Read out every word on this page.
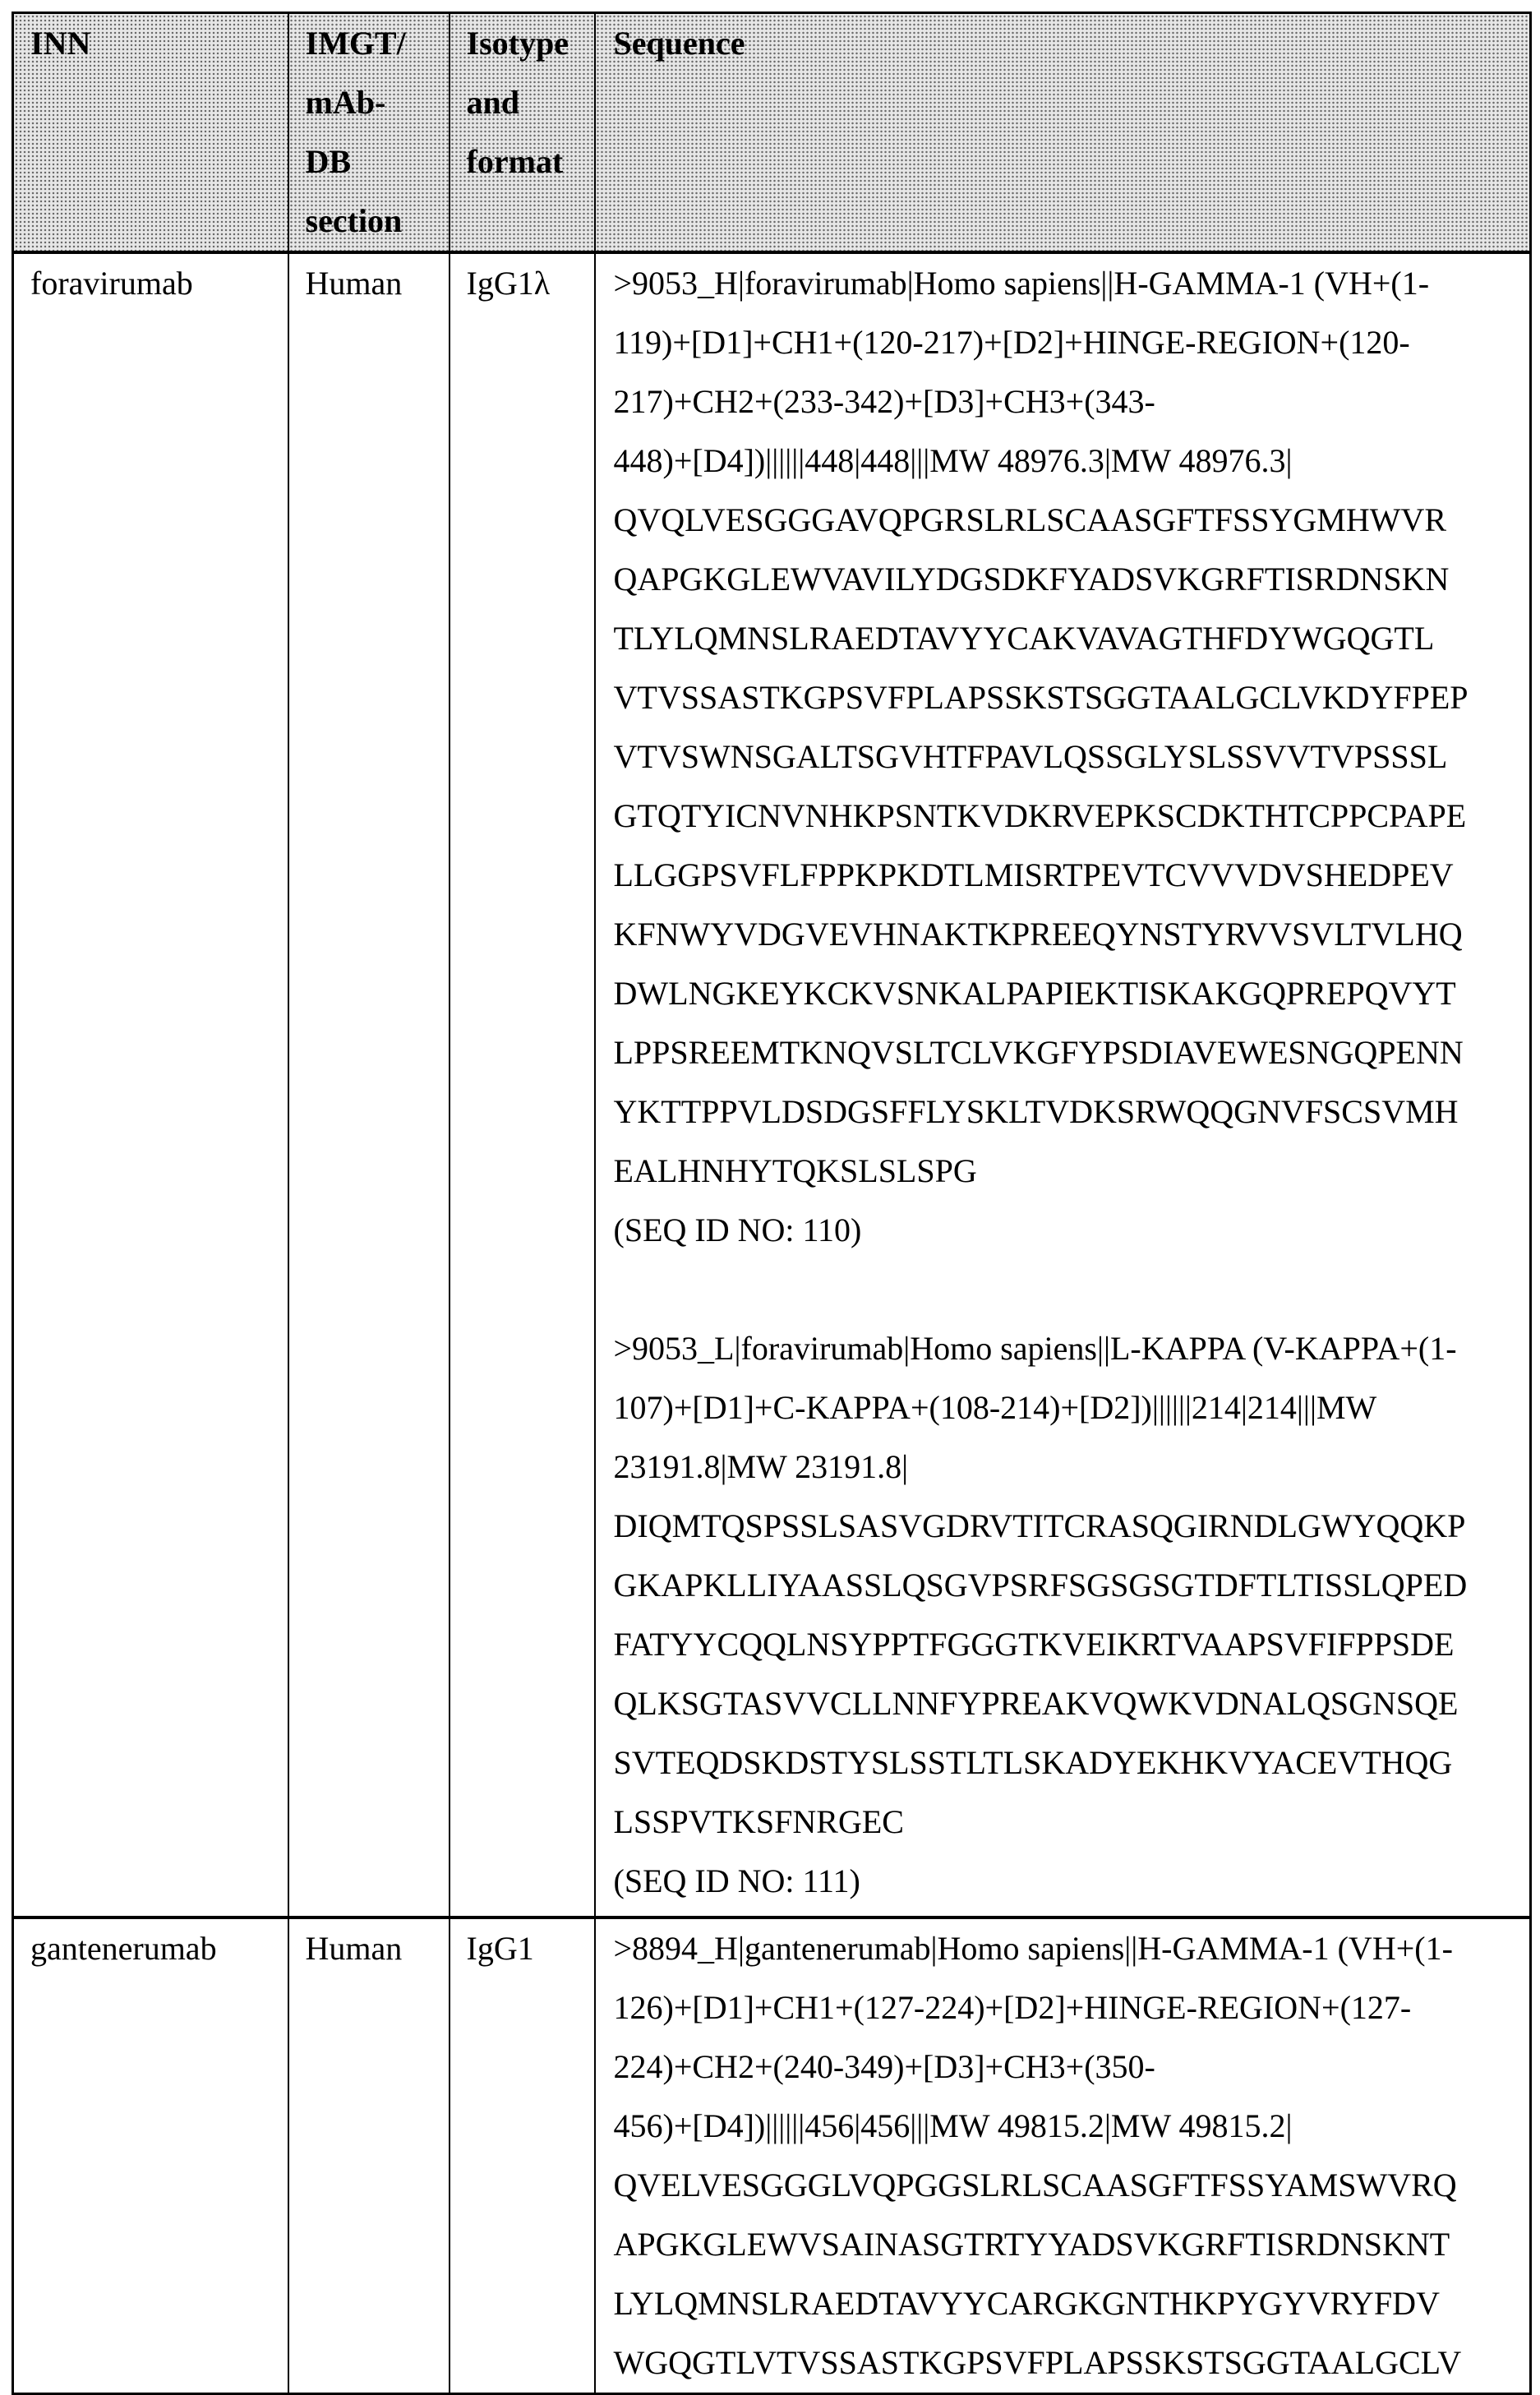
INN	IMGT/
mAb-
DB
section

Isotype
and
format

Sequence

foravirumab	Human	IgG1λ	>9053_H|foravirumab|Homo sapiens||H-GAMMA-1 (VH+(1-
119)+[D1]+CH1+(120-217)+[D2]+HINGE-REGION+(120-
217)+CH2+(233-342)+[D3]+CH3+(343-
448)+[D4])||||||448|448|||MW 48976.3|MW 48976.3|
QVQLVESGGGAVQPGRSLRLSCAASGFTFSSYGMHWVR
QAPGKGLEWVAVILYDGSDKFYADSVKGRFTISRDNSKN
TLYLQMNSLRAEDTAVYYCAKVAVAGTHFDYWGQGTL
VTVSSASTKGPSVFPLAPSSKSTSGGTAALGCLVKDYFPEP
VTVSWNSGALTSGVHTFPAVLQSSGLYSLSSVVTVPSSSL
GTQTYICNVNHKPSNTKVDKRVEPKSCDKTHTCPPCPAPE
LLGGPSVFLFPPKPKDTLMISRTPEVTCVVVDVSHEDPEV
KFNWYVDGVEVHNAKTKPREEQYNSTYRVVSVLTVLHQ
DWLNGKEYKCKVSNKALPAPIEKTISKAKGQPREPQVYT
LPPSREEMTKNQVSLTCLVKGFYPSDIAVEWESNGQPENN
YKTTPPVLDSDGSFFLYSKLTVDKSRWQQGNVFSCSVMH
EALHNHYTQKSLSLSPG
(SEQ ID NO: 110)
>9053_L|foravirumab|Homo sapiens||L-KAPPA (V-KAPPA+(1-
107)+[D1]+C-KAPPA+(108-214)+[D2])||||||214|214|||MW
23191.8|MW 23191.8|
DIQMTQSPSSLSASVGDRVTITCRASQGIRNDLGWYQQKP
GKAPKLLIYAASSLQSGVPSRFSGSGSGTDFTLTISSLQPED
FATYYCQQLNSYPPTFGGGTKVEIKRTVAAPSVFIFPPSDE
QLKSGTASVVCLLNNFYPREAKVQWKVDNALQSGNSQE
SVTEQDSKDSTYSLSSTLTLSKADYEKHKVYACEVTHQG
LSSPVTKSFNRGEC
(SEQ ID NO: 111)

gantenerumab	Human	IgG1	>8894_H|gantenerumab|Homo sapiens||H-GAMMA-1 (VH+(1-
126)+[D1]+CH1+(127-224)+[D2]+HINGE-REGION+(127-
224)+CH2+(240-349)+[D3]+CH3+(350-
456)+[D4])||||||456|456|||MW 49815.2|MW 49815.2|
QVELVESGGGLVQPGGSLRLSCAASGFTFSSYAMSWVRQ
APGKGLEWVSAINASGTRTYYADSVKGRFTISRDNSKNT
LYLQMNSLRAEDTAVYYCARGKGNTHKPYGYVRYFDV
WGQGTLVTVSSASTKGPSVFPLAPSSKSTSGGTAALGCLV
